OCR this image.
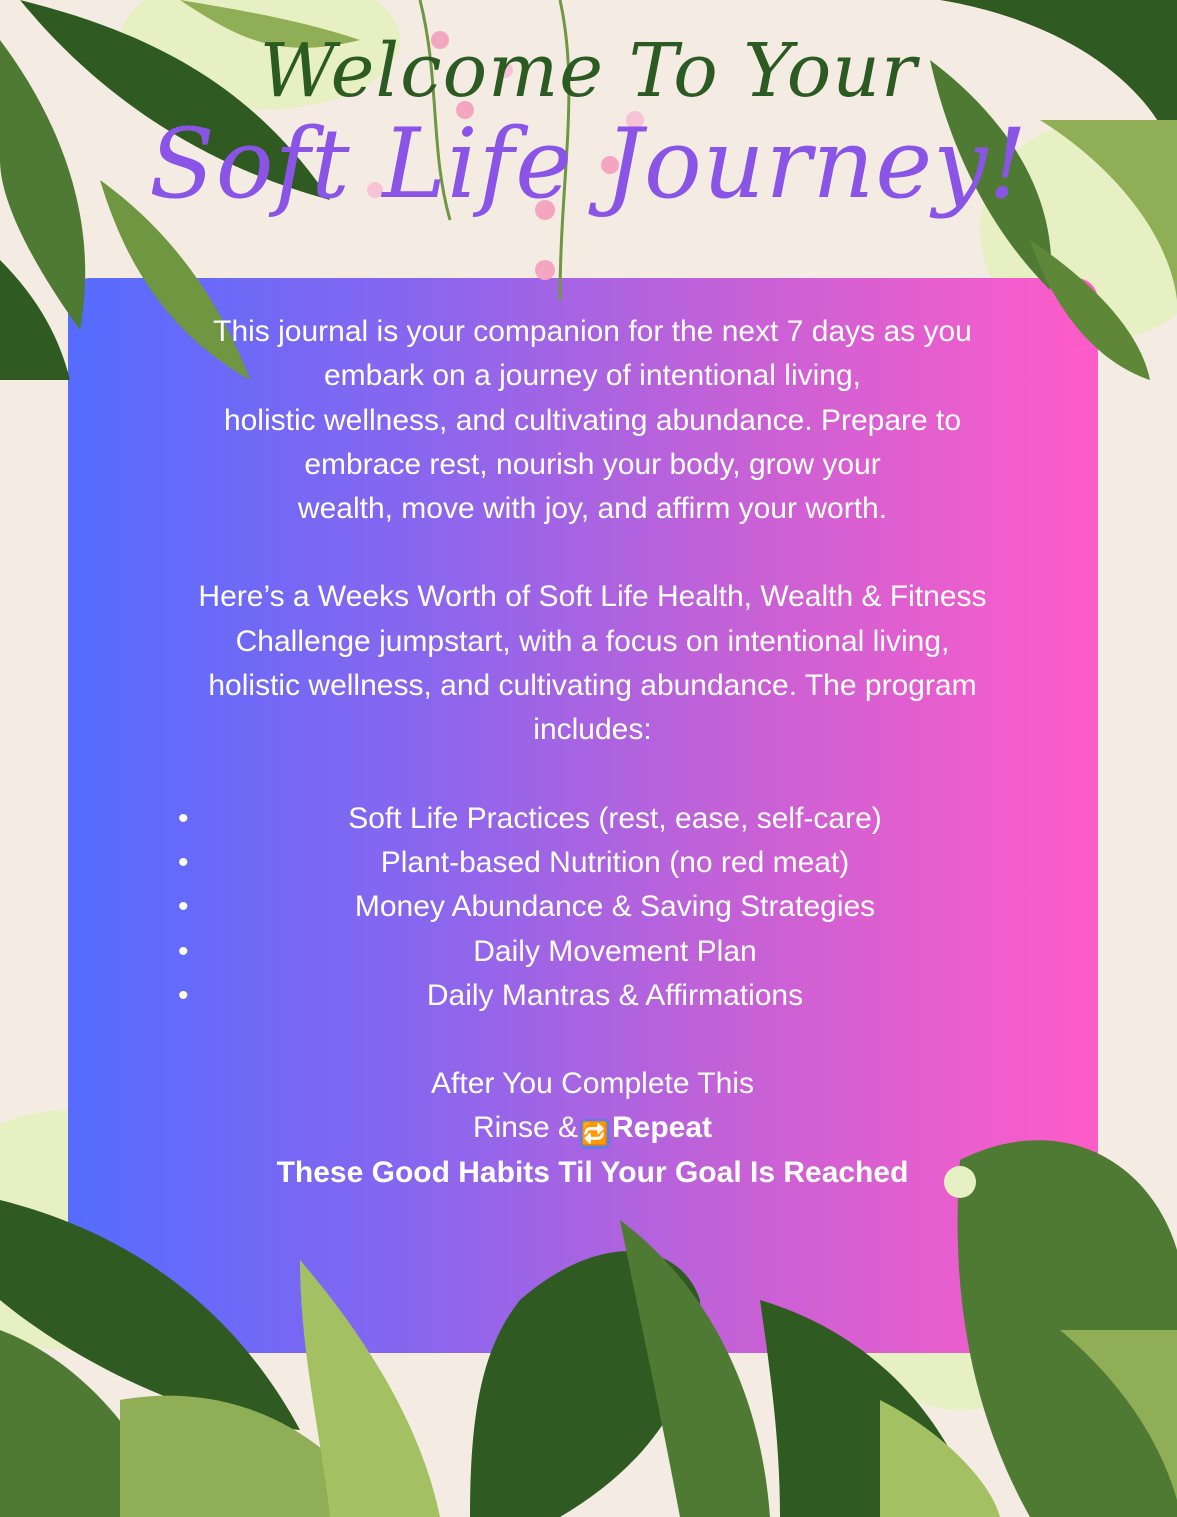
Welcome To Your
Soft Life Journey!

This journal is your companion for the next 7 days as you

embark on a journey of intentional living,

holistic wellness, and cultivating abundance. Prepare to

embrace rest, nourish your body, grow your

wealth, move with joy, and affirm your worth.

Here’s a Weeks Worth of Soft Life Health, Wealth & Fitness

Challenge jumpstart, with a focus on intentional living,

holistic wellness, and cultivating abundance. The program

includes:

• Soft Life Practices (rest, ease, self-care)
• Plant-based Nutrition (no red meat)
• Money Abundance & Saving Strategies
• Daily Movement Plan
• Daily Mantras & Affirmations

After You Complete This

Rinse & 🔁 Repeat

These Good Habits Til Your Goal Is Reached
